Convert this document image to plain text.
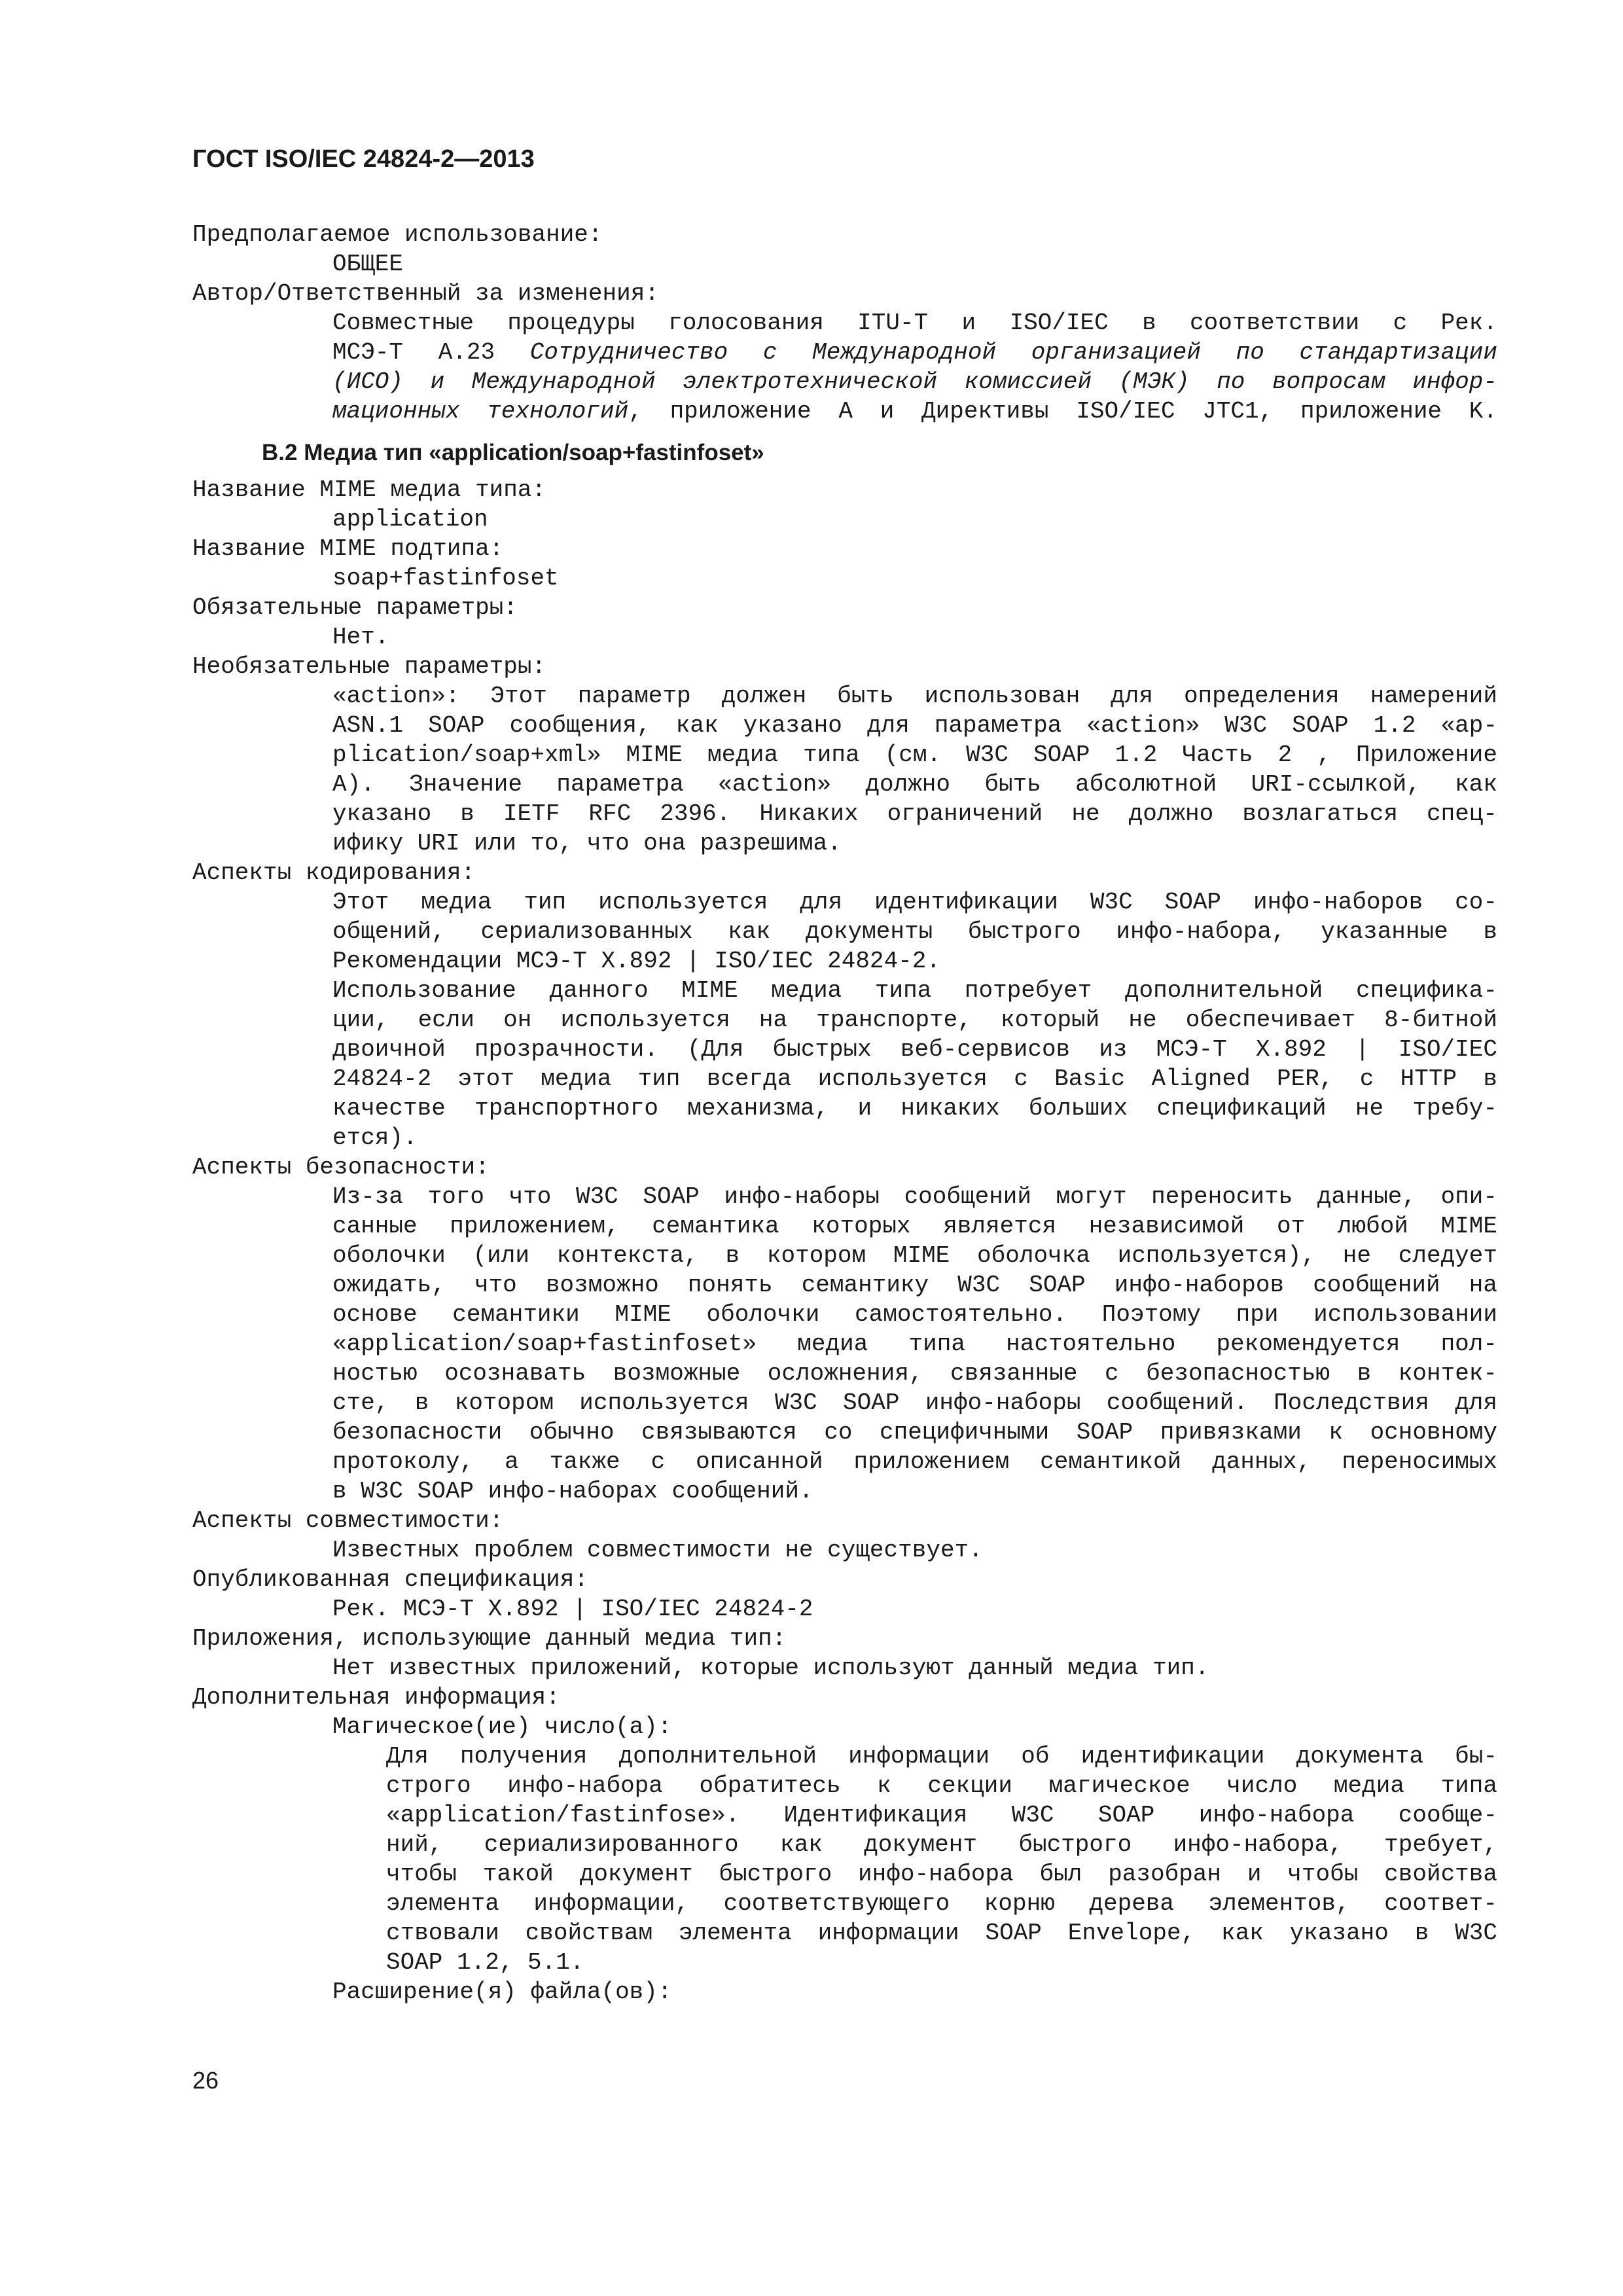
ГОСТ ISO/IEC 24824-2—2013
Предполагаемое использование:
ОБЩЕЕ
Автор/Ответственный за изменения:
Совместные процедуры голосования ITU-T и ISO/IEC в соответствии с Рек.
МСЭ-Т А.23 Сотрудничество с Международной организацией по стандартизации
(ИСО) и Международной электротехнической комиссией (МЭК) по вопросам инфор-
мационных технологий, приложение А и Директивы ISO/IEC JTC1, приложение K.
B.2 Медиа тип «application/soap+fastinfoset»
Название MIME медиа типа:
application
Название MIME подтипа:
soap+fastinfoset
Обязательные параметры:
Нет.
Необязательные параметры:
«action»: Этот параметр должен быть использован для определения намерений
ASN.1 SOAP сообщения, как указано для параметра «action» W3C SOAP 1.2 «ap-
plication/soap+xml» MIME медиа типа (см. W3C SOAP 1.2 Часть 2 , Приложение
А). Значение параметра «action» должно быть абсолютной URI-ссылкой, как
указано в IETF RFC 2396. Никаких ограничений не должно возлагаться спец-
ифику URI или то, что она разрешима.
Аспекты кодирования:
Этот медиа тип используется для идентификации W3C SOAP инфо-наборов со-
общений, сериализованных как документы быстрого инфо-набора, указанные в
Рекомендации МСЭ-Т X.892 | ISO/IEC 24824-2.
Использование данного MIME медиа типа потребует дополнительной спецификa-
ции, если он используется на транспорте, который не обеспечивает 8-битной
двоичной прозрачности. (Для быстрых веб-сервисов из МСЭ-Т X.892 | ISO/IEC
24824-2 этот медиа тип всегда используется с Basic Aligned PER, с HTTP в
качестве транспортного механизма, и никаких больших спецификаций не требу-
ется).
Аспекты безопасности:
Из-за того что W3C SOAP инфо-наборы сообщений могут переносить данные, опи-
санные приложением, семантика которых является независимой от любой MIME
оболочки (или контекста, в котором MIME оболочка используется), не следует
ожидать, что возможно понять семантику W3C SOAP инфо-наборов сообщений на
основе семантики MIME оболочки самостоятельно. Поэтому при использовании
«application/soap+fastinfoset» медиа типа настоятельно рекомендуется пол-
ностью осознавать возможные осложнения, связанные с безопасностью в контек-
сте, в котором используется W3C SOAP инфо-наборы сообщений. Последствия для
безопасности обычно связываются со специфичными SOAP привязками к основному
протоколу, а также с описанной приложением семантикой данных, переносимых
в W3C SOAP инфо-наборах сообщений.
Аспекты совместимости:
Известных проблем совместимости не существует.
Опубликованная спецификация:
Рек. МСЭ-Т X.892 | ISO/IEC 24824-2
Приложения, использующие данный медиа тип:
Нет известных приложений, которые используют данный медиа тип.
Дополнительная информация:
Магическое(ие) число(а):
Для получения дополнительной информации об идентификации документа бы-
строго инфо-набора обратитесь к секции магическое число медиа типа
«application/fastinfose». Идентификация W3C SOAP инфо-набора сообще-
ний, сериализированного как документ быстрого инфо-набора, требует,
чтобы такой документ быстрого инфо-набора был разобран и чтобы свойства
элемента информации, соответствующего корню дерева элементов, соответ-
ствовали свойствам элемента информации SOAP Envelope, как указано в W3C
SOAP 1.2, 5.1.
Расширение(я) файла(ов):
26
